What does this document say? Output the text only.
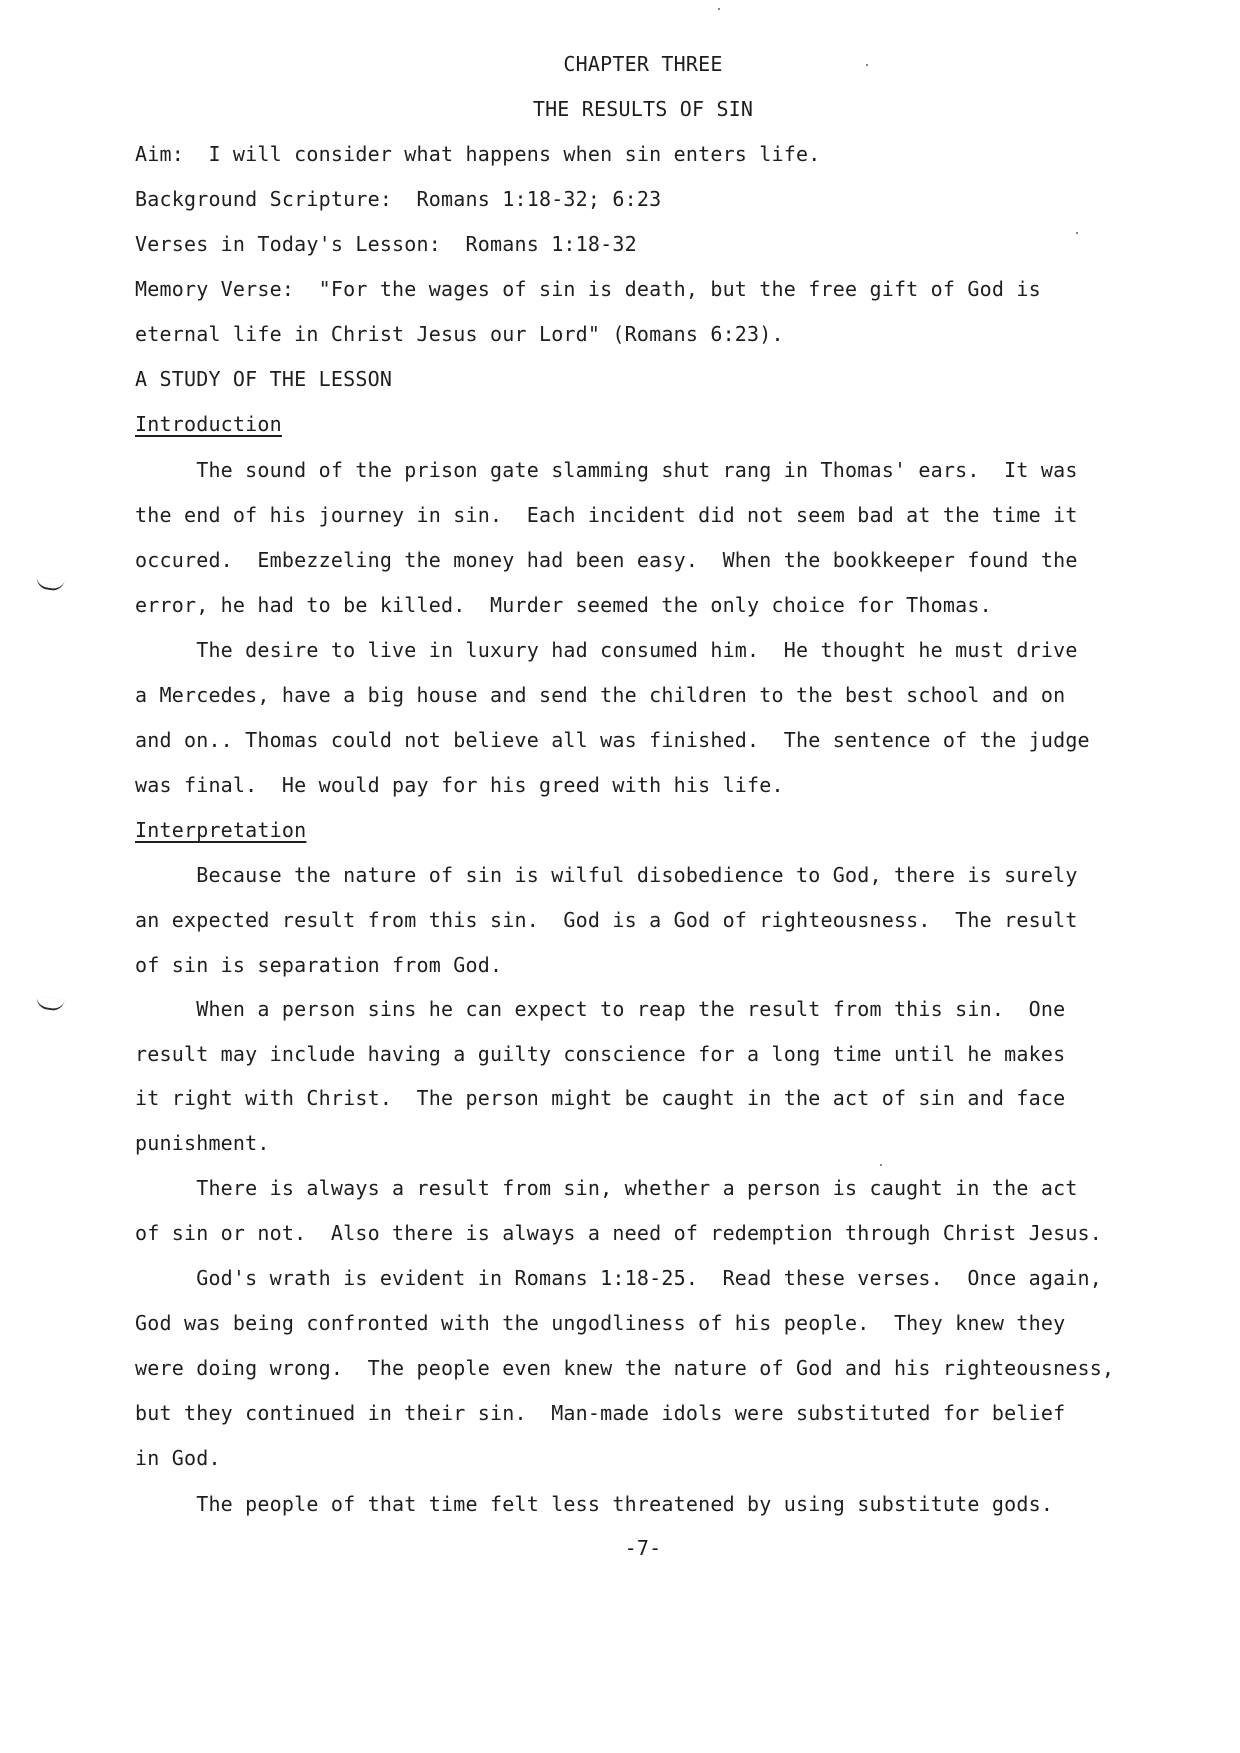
CHAPTER THREE
THE RESULTS OF SIN
Aim:  I will consider what happens when sin enters life.
Background Scripture:  Romans 1:18-32; 6:23
Verses in Today's Lesson:  Romans 1:18-32
Memory Verse:  "For the wages of sin is death, but the free gift of God is
eternal life in Christ Jesus our Lord" (Romans 6:23).
A STUDY OF THE LESSON
Introduction
The sound of the prison gate slamming shut rang in Thomas' ears.  It was
the end of his journey in sin.  Each incident did not seem bad at the time it
occured.  Embezzeling the money had been easy.  When the bookkeeper found the
error, he had to be killed.  Murder seemed the only choice for Thomas.
The desire to live in luxury had consumed him.  He thought he must drive
a Mercedes, have a big house and send the children to the best school and on
and on.. Thomas could not believe all was finished.  The sentence of the judge
was final.  He would pay for his greed with his life.
Interpretation
Because the nature of sin is wilful disobedience to God, there is surely
an expected result from this sin.  God is a God of righteousness.  The result
of sin is separation from God.
When a person sins he can expect to reap the result from this sin.  One
result may include having a guilty conscience for a long time until he makes
it right with Christ.  The person might be caught in the act of sin and face
punishment.
There is always a result from sin, whether a person is caught in the act
of sin or not.  Also there is always a need of redemption through Christ Jesus.
God's wrath is evident in Romans 1:18-25.  Read these verses.  Once again,
God was being confronted with the ungodliness of his people.  They knew they
were doing wrong.  The people even knew the nature of God and his righteousness,
but they continued in their sin.  Man-made idols were substituted for belief
in God.
The people of that time felt less threatened by using substitute gods.
-7-
